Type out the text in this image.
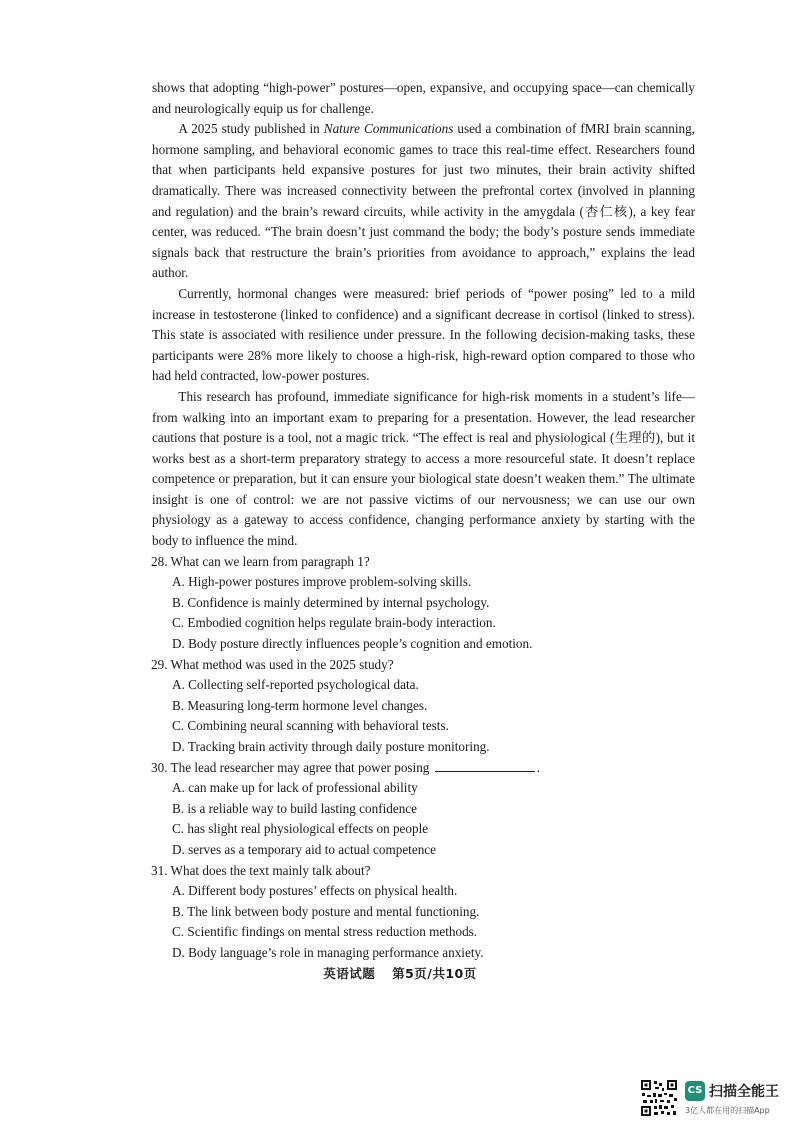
shows that adopting “high-power” postures—open, expansive, and occupying space—can chemically and neurologically equip us for challenge.

A 2025 study published in Nature Communications used a combination of fMRI brain scanning, hormone sampling, and behavioral economic games to trace this real-time effect. Researchers found that when participants held expansive postures for just two minutes, their brain activity shifted dramatically. There was increased connectivity between the prefrontal cortex (involved in planning and regulation) and the brain’s reward circuits, while activity in the amygdala (杏仁核), a key fear center, was reduced. “The brain doesn’t just command the body; the body’s posture sends immediate signals back that restructure the brain’s priorities from avoidance to approach,” explains the lead author.

Currently, hormonal changes were measured: brief periods of “power posing” led to a mild increase in testosterone (linked to confidence) and a significant decrease in cortisol (linked to stress). This state is associated with resilience under pressure. In the following decision-making tasks, these participants were 28% more likely to choose a high-risk, high-reward option compared to those who had held contracted, low-power postures.

This research has profound, immediate significance for high-risk moments in a student’s life—from walking into an important exam to preparing for a presentation. However, the lead researcher cautions that posture is a tool, not a magic trick. “The effect is real and physiological (生理的), but it works best as a short-term preparatory strategy to access a more resourceful state. It doesn’t replace competence or preparation, but it can ensure your biological state doesn’t weaken them.” The ultimate insight is one of control: we are not passive victims of our nervousness; we can use our own physiology as a gateway to access confidence, changing performance anxiety by starting with the body to influence the mind.

28. What can we learn from paragraph 1?

A. High-power postures improve problem-solving skills.

B. Confidence is mainly determined by internal psychology.

C. Embodied cognition helps regulate brain-body interaction.

D. Body posture directly influences people’s cognition and emotion.

29. What method was used in the 2025 study?

A. Collecting self-reported psychological data.

B. Measuring long-term hormone level changes.

C. Combining neural scanning with behavioral tests.

D. Tracking brain activity through daily posture monitoring.

30. The lead researcher may agree that power posing	.

A. can make up for lack of professional ability

B. is a reliable way to build lasting confidence

C. has slight real physiological effects on people

D. serves as a temporary aid to actual competence

31. What does the text mainly talk about?

A. Different body postures’ effects on physical health.

B. The link between body posture and mental functioning.

C. Scientific findings on mental stress reduction methods.

D. Body language’s role in managing performance anxiety.

英语试题 第5页/共10页
CS 扫描全能王
3亿人都在用的扫描App
